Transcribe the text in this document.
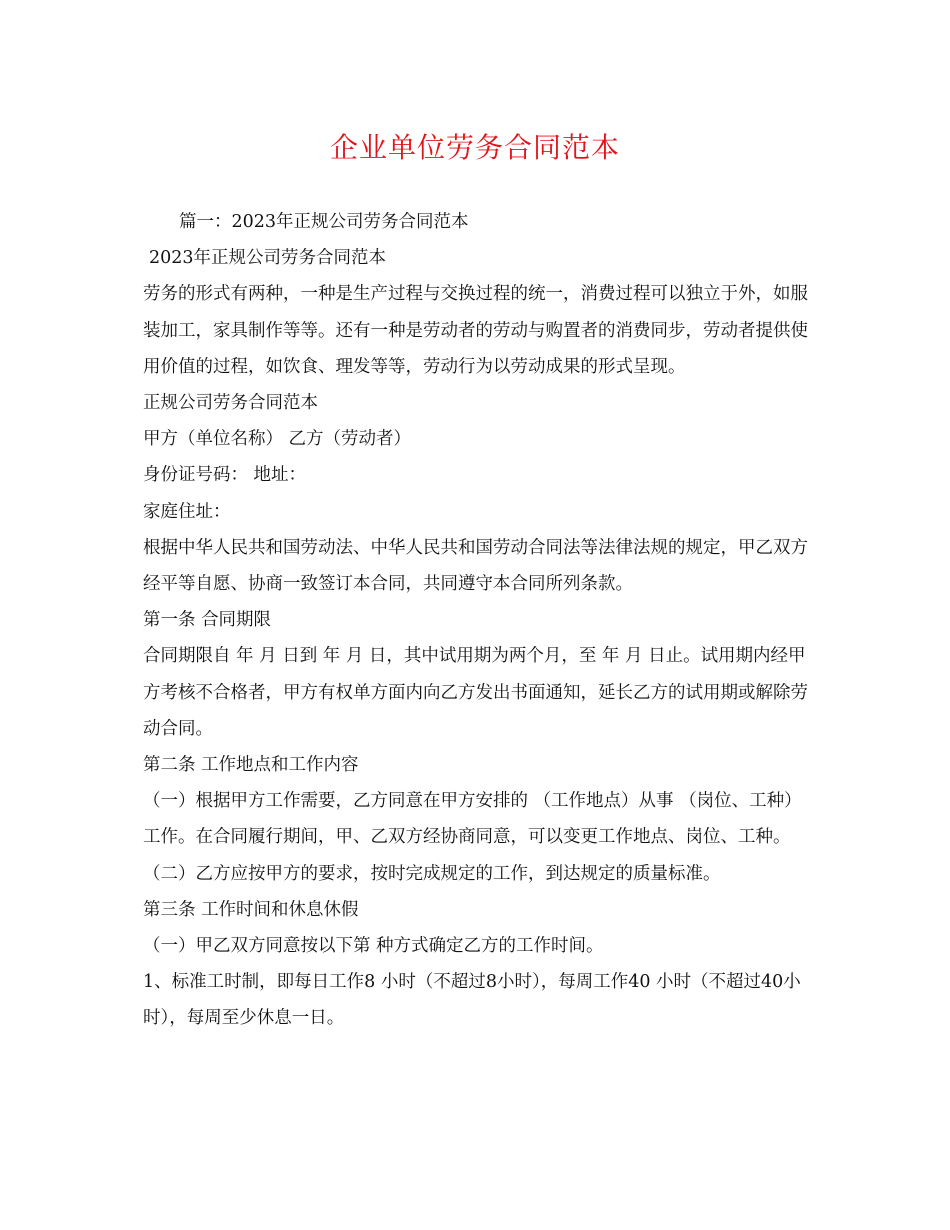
企业单位劳务合同范本

篇一：2023年正规公司劳务合同范本

2023年正规公司劳务合同范本

劳务的形式有两种，一种是生产过程与交换过程的统一，消费过程可以独立于外，如服装加工，家具制作等等。还有一种是劳动者的劳动与购置者的消费同步，劳动者提供使用价值的过程，如饮食、理发等等，劳动行为以劳动成果的形式呈现。

正规公司劳务合同范本

甲方（单位名称） 乙方（劳动者）

身份证号码： 地址：

家庭住址：

根据中华人民共和国劳动法、中华人民共和国劳动合同法等法律法规的规定，甲乙双方经平等自愿、协商一致签订本合同，共同遵守本合同所列条款。

第一条 合同期限

合同期限自 年 月 日到 年 月 日，其中试用期为两个月，至 年 月 日止。试用期内经甲方考核不合格者，甲方有权单方面内向乙方发出书面通知，延长乙方的试用期或解除劳动合同。

第二条 工作地点和工作内容

（一）根据甲方工作需要，乙方同意在甲方安排的 （工作地点）从事 （岗位、工种）工作。在合同履行期间，甲、乙双方经协商同意，可以变更工作地点、岗位、工种。

（二）乙方应按甲方的要求，按时完成规定的工作，到达规定的质量标准。

第三条 工作时间和休息休假

（一）甲乙双方同意按以下第 种方式确定乙方的工作时间。

1、标准工时制，即每日工作8 小时（不超过8小时），每周工作40 小时（不超过40小时），每周至少休息一日。
